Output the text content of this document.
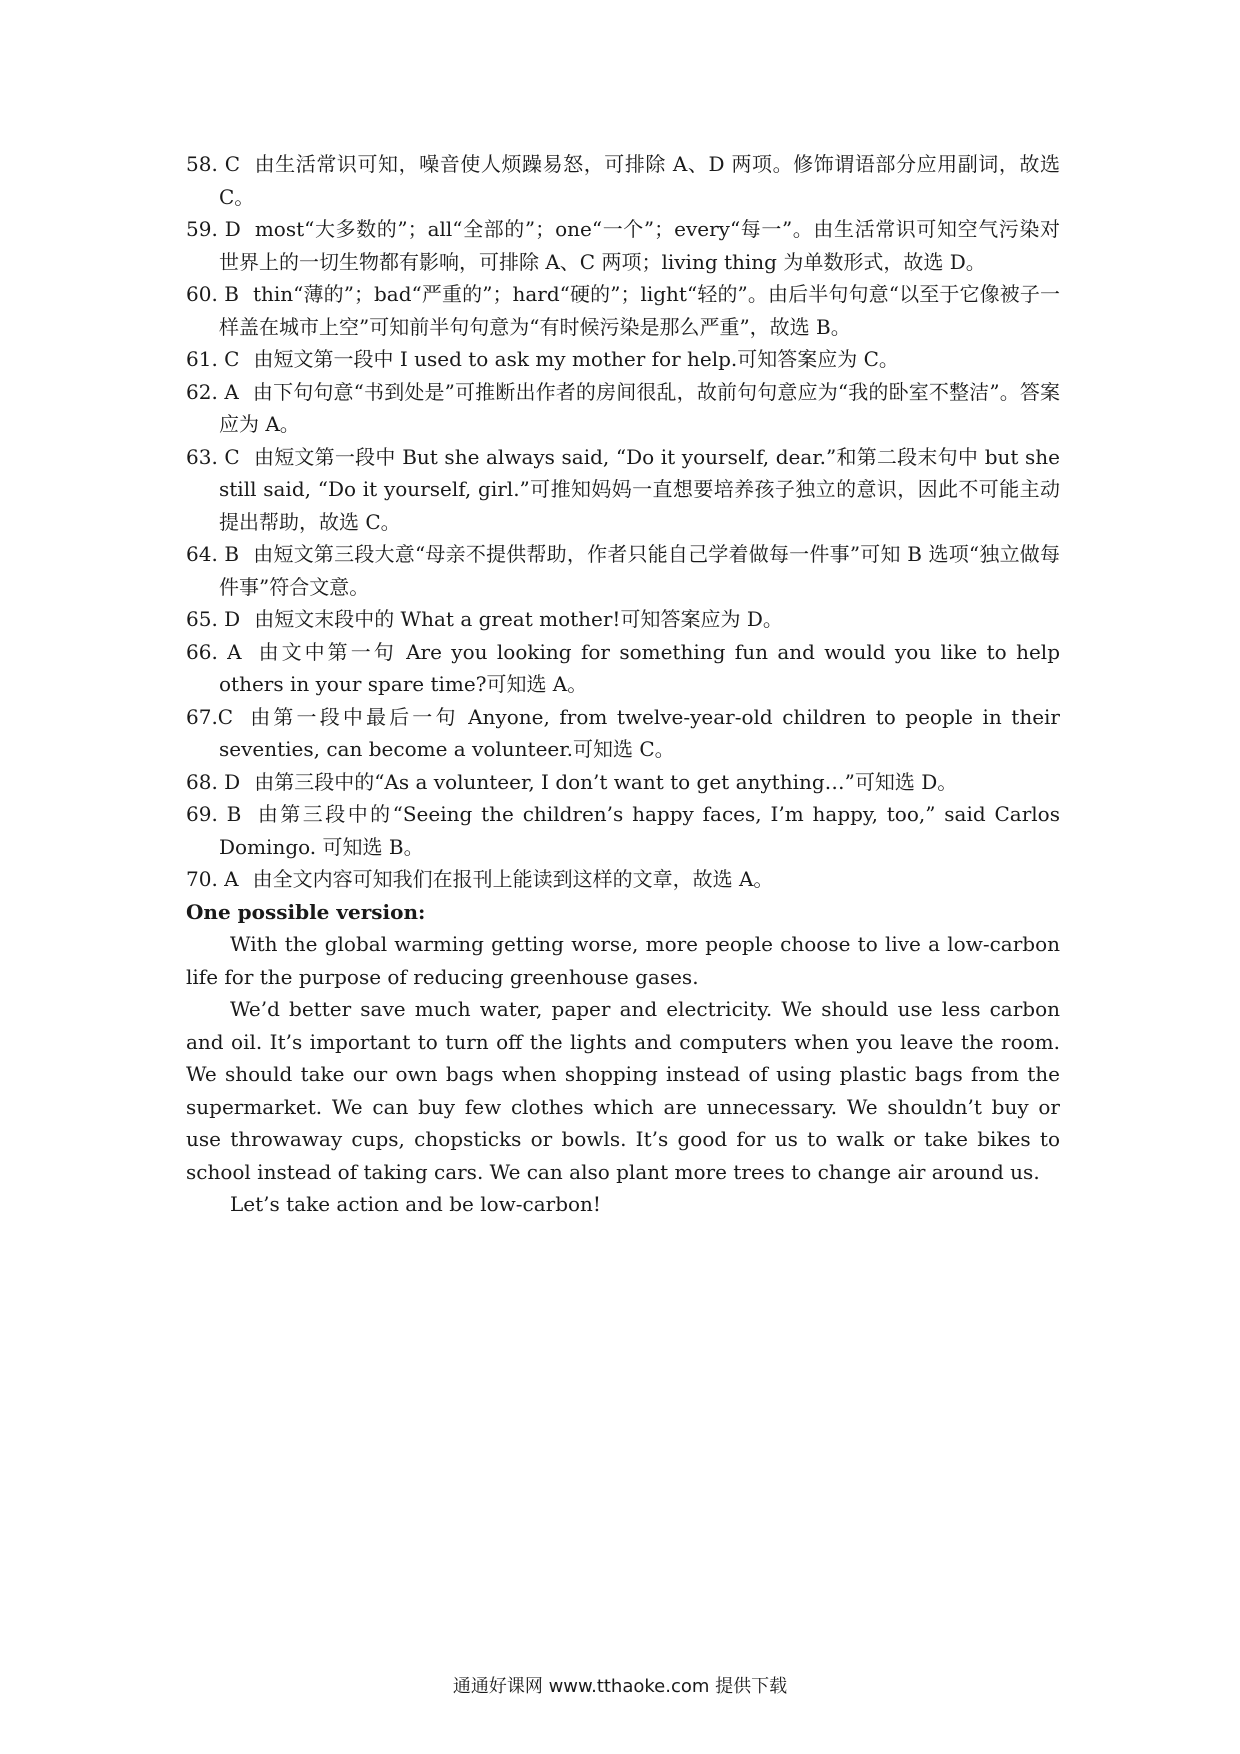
58. C 由生活常识可知，噪音使人烦躁易怒，可排除 A、D 两项。修饰谓语部分应用副词，故选 C。

59. D most“大多数的”；all“全部的”；one“一个”；every“每一”。由生活常识可知空气污染对世界上的一切生物都有影响，可排除 A、C 两项；living thing 为单数形式，故选 D。

60. B thin“薄的”；bad“严重的”；hard“硬的”；light“轻的”。由后半句句意“以至于它像被子一样盖在城市上空”可知前半句句意为“有时候污染是那么严重”，故选 B。

61. C 由短文第一段中 I used to ask my mother for help.可知答案应为 C。

62. A 由下句句意“书到处是”可推断出作者的房间很乱，故前句句意应为“我的卧室不整洁”。答案应为 A。

63. C 由短文第一段中 But she always said, “Do it yourself, dear.”和第二段末句中 but she still said, “Do it yourself, girl.”可推知妈妈一直想要培养孩子独立的意识，因此不可能主动提出帮助，故选 C。

64. B 由短文第三段大意“母亲不提供帮助，作者只能自己学着做每一件事”可知 B 选项“独立做每件事”符合文意。

65. D 由短文末段中的 What a great mother!可知答案应为 D。

66. A 由文中第一句 Are you looking for something fun and would you like to help others in your spare time?可知选 A。

67.C 由第一段中最后一句 Anyone, from twelve-year-old children to people in their seventies, can become a volunteer.可知选 C。

68. D 由第三段中的“As a volunteer, I don’t want to get anything…”可知选 D。

69. B 由第三段中的“Seeing the children’s happy faces, I’m happy, too,” said Carlos Domingo. 可知选 B。

70. A 由全文内容可知我们在报刊上能读到这样的文章，故选 A。

One possible version:

With the global warming getting worse, more people choose to live a low-carbon life for the purpose of reducing greenhouse gases.

We’d better save much water, paper and electricity. We should use less carbon and oil. It’s important to turn off the lights and computers when you leave the room. We should take our own bags when shopping instead of using plastic bags from the supermarket. We can buy few clothes which are unnecessary. We shouldn’t buy or use throwaway cups, chopsticks or bowls. It’s good for us to walk or take bikes to school instead of taking cars. We can also plant more trees to change air around us.

Let’s take action and be low-carbon!

通通好课网 www.tthaoke.com 提供下载
